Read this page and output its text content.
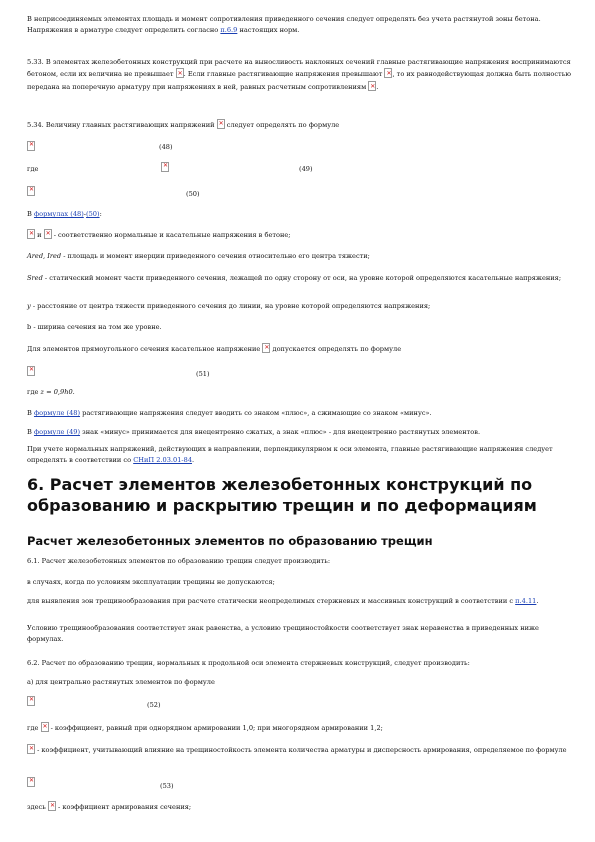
В неприсоединяемых элементах площадь и момент сопротивления приведенного сечения следует определять без учета растянутой зоны бетона. Напряжения в арматуре следует определить согласно п.6.9 настоящих норм.
5.33. В элементах железобетонных конструкций при расчете на выносливость наклонных сечений главные растягивающие напряжения воспринимаются бетоном, если их величина не превышает ✕. Если главные растягивающие напряжения превышают ✕, то их равнодействующая должна быть полностью передана на поперечную арматуру при напряжениях в ней, равных расчетным сопротивлениям ✕.
5.34. Величину главных растягивающих напряжений ✕ следует определять по формуле
✕
(48)
где
✕	(49)
✕
(50)
В формулах (48)-(50):
✕ и ✕ - соответственно нормальные и касательные напряжения в бетоне;
Ared, Ired - площадь и момент инерции приведенного сечения относительно его центра тяжести;
Sred - статический момент части приведенного сечения, лежащей по одну сторону от оси, на уровне которой определяются касательные напряжения;
y - расстояние от центра тяжести приведенного сечения до линии, на уровне которой определяются напряжения;
b - ширина сечения на том же уровне.
Для элементов прямоугольного сечения касательное напряжение ✕ допускается определять по формуле
✕
(51)
где z = 0,9h0.
В формуле (48) растягивающие напряжения следует вводить со знаком «плюс», а сжимающие со знаком «минус».
В формуле (49) знак «минус» принимается для внецентренно сжатых, а знак «плюс» - для внецентренно растянутых элементов.
При учете нормальных напряжений, действующих в направлении, перпендикулярном к оси элемента, главные растягивающие напряжения следует определять в соответствии со СНиП 2.03.01-84.
6. Расчет элементов железобетонных конструкций по образованию и раскрытию трещин и по деформациям
Расчет железобетонных элементов по образованию трещин
6.1. Расчет железобетонных элементов по образованию трещин следует производить:
в случаях, когда по условиям эксплуатации трещины не допускаются;
для выявления зон трещинообразования при расчете статически неопределимых стержневых и массивных конструкций в соответствии с п.4.11.
Условию трещинообразования соответствует знак равенства, а условию трещиностойкости соответствует знак неравенства в приведенных ниже формулах.
6.2. Расчет по образованию трещин, нормальных к продольной оси элемента стержневых конструкций, следует производить:
а) для центрально растянутых элементов по формуле
✕
(52)
где ✕ - коэффициент, равный при однорядном армировании 1,0; при многорядном армировании 1,2;
✕ - коэффициент, учитывающий влияние на трещиностойкость элемента количества арматуры и дисперсность армирования, определяемое по формуле
✕
(53)
здесь ✕ - коэффициент армирования сечения;
